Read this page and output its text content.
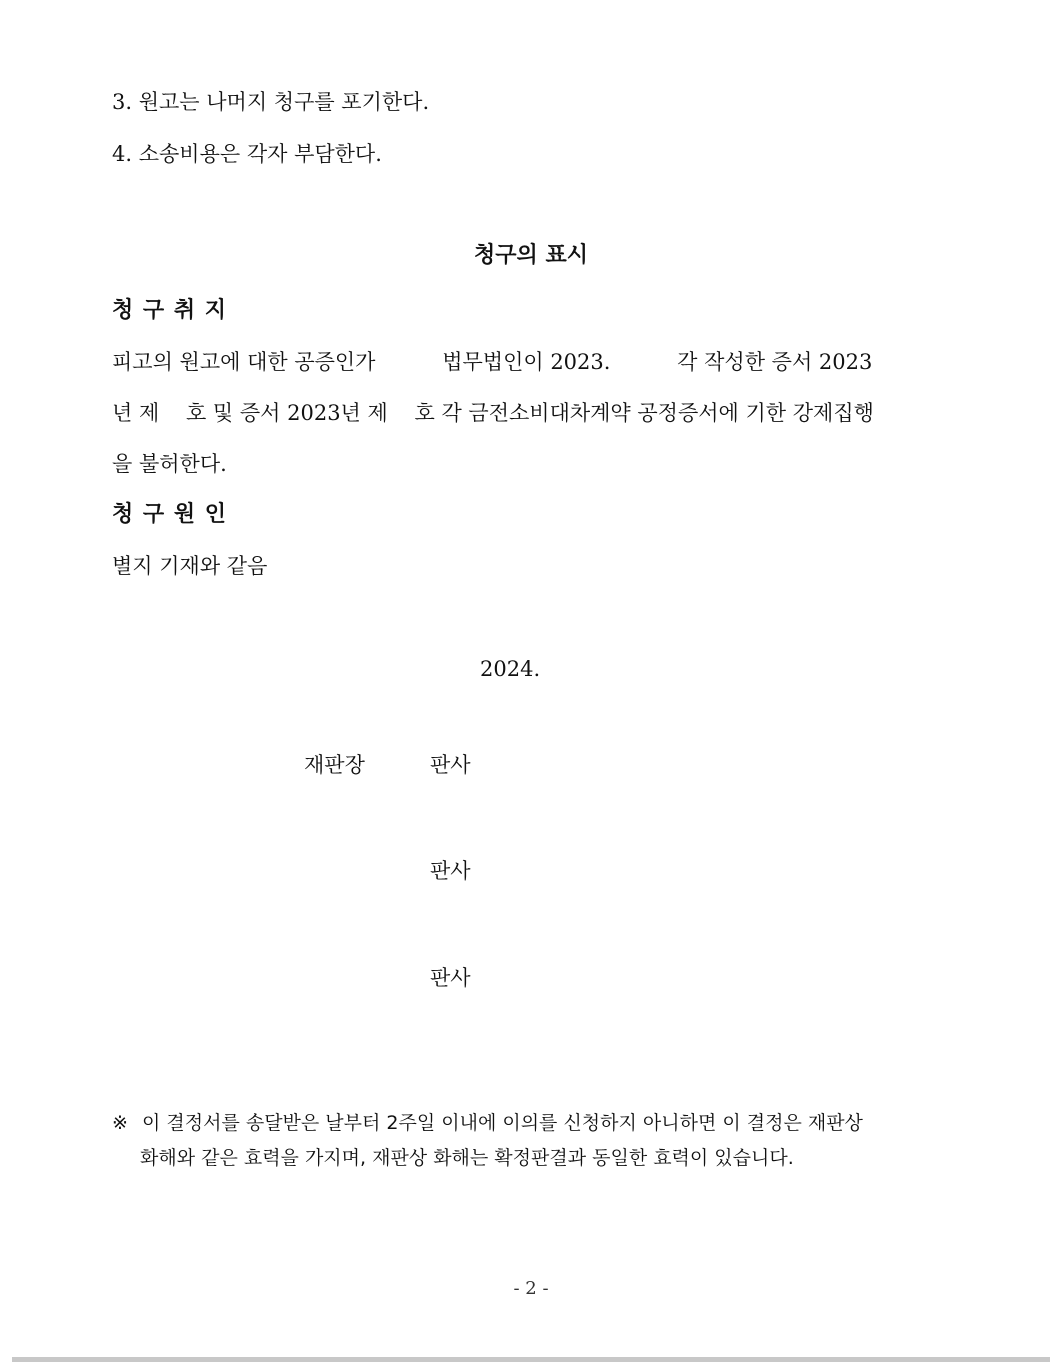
3. 원고는 나머지 청구를 포기한다.
4. 소송비용은 각자 부담한다.
청구의 표시
청 구 취 지
피고의 원고에 대한 공증인가          법무법인이 2023.          각 작성한 증서 2023
년 제    호 및 증서 2023년 제    호 각 금전소비대차계약 공정증서에 기한 강제집행
을 불허한다.
청 구 원 인
별지 기재와 같음
2024.
재판장	판사
판사
판사
※ 이 결정서를 송달받은 날부터 2주일 이내에 이의를 신청하지 아니하면 이 결정은 재판상
화해와 같은 효력을 가지며, 재판상 화해는 확정판결과 동일한 효력이 있습니다.
- 2 -
